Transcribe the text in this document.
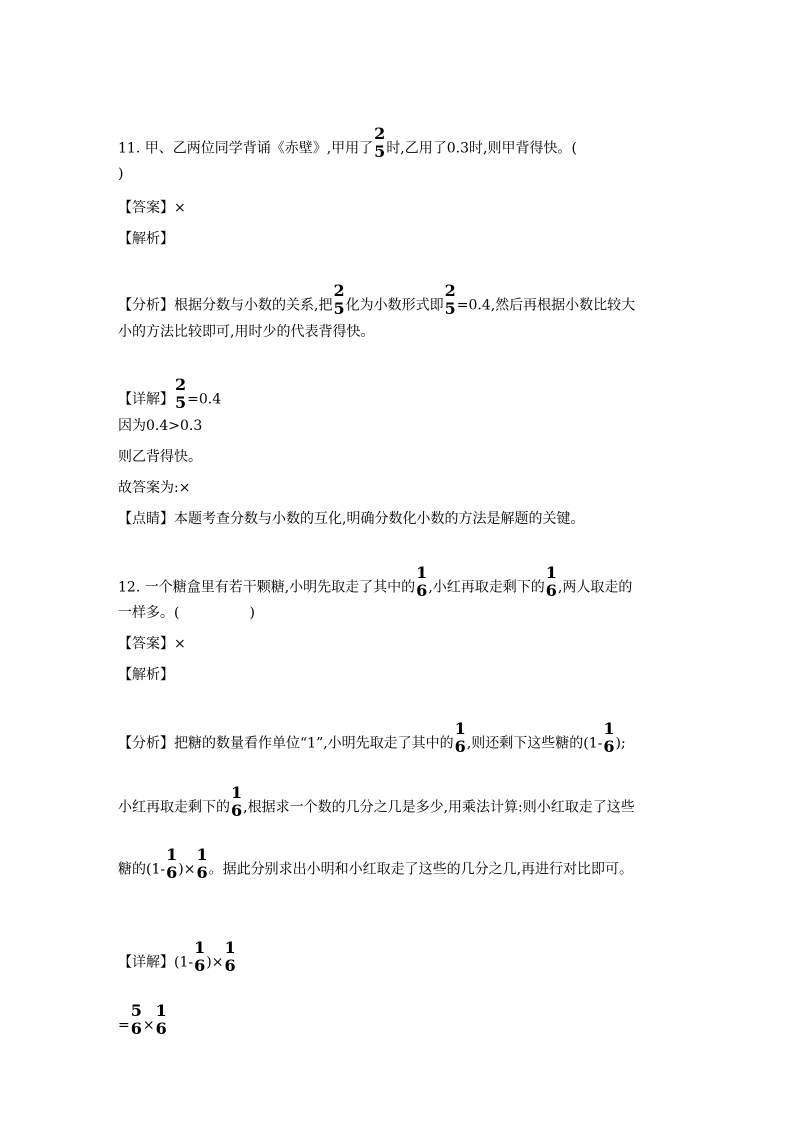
11. 甲、乙两位同学背诵《赤壁》,甲用了
2
5 时,乙用了0.3时,则甲背得快。(
)
【答案】×
【解析】
【分析】根据分数与小数的关系,把
2
5 化为小数形式即
2
5 =0.4,然后再根据小数比较大
小的方法比较即可,用时少的代表背得快。
【详解】
2
5 =0.4
因为0.4>0.3
则乙背得快。
故答案为:×
【点睛】本题考查分数与小数的互化,明确分数化小数的方法是解题的关键。
12. 一个糖盒里有若干颗糖,小明先取走了其中的
1
6 ,小红再取走剩下的
1
6 ,两人取走的
一样多。(	)
【答案】×
【解析】
【分析】把糖的数量看作单位“1”,小明先取走了其中的
1
6 ,则还剩下这些糖的(1-
1
6 );
小红再取走剩下的
1
6 ,根据求一个数的几分之几是多少,用乘法计算:则小红取走了这些
糖的(1-
1
6 )×
1
6 。据此分别求出小明和小红取走了这些的几分之几,再进行对比即可。
【详解】(1-
1
6 )×
1
6
=
5
6 ×
1
6
